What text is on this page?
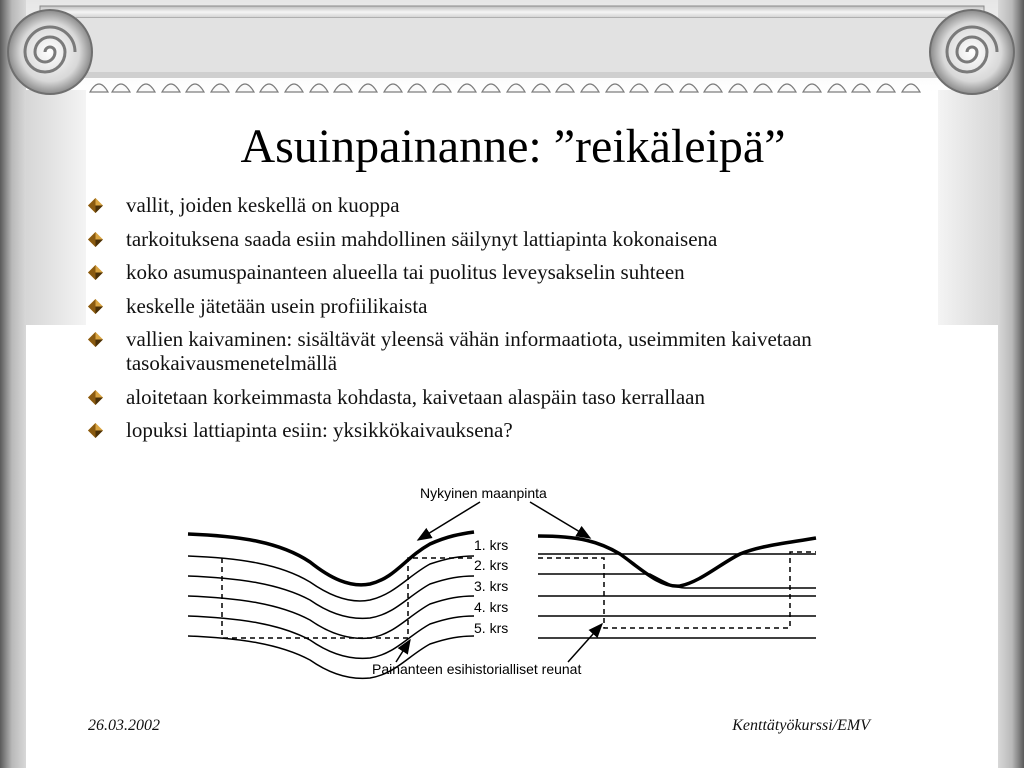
Asuinpainanne: ”reikäleipä”
vallit, joiden keskellä on kuoppa
tarkoituksena saada esiin mahdollinen säilynyt lattiapinta kokonaisena
koko asumuspainanteen alueella tai puolitus leveysakselin suhteen
keskelle jätetään usein profiilikaista
vallien kaivaminen: sisältävät yleensä vähän informaatiota, useimmiten kaivetaan tasokaivausmenetelmällä
aloitetaan korkeimmasta kohdasta, kaivetaan alaspäin taso kerrallaan
lopuksi lattiapinta esiin: yksikkökaivauksena?
Nykyinen maanpinta
1. krs
2. krs
3. krs
4. krs
5. krs
Painanteen esihistorialliset reunat
26.03.2002	Kenttätyökurssi/EMV
